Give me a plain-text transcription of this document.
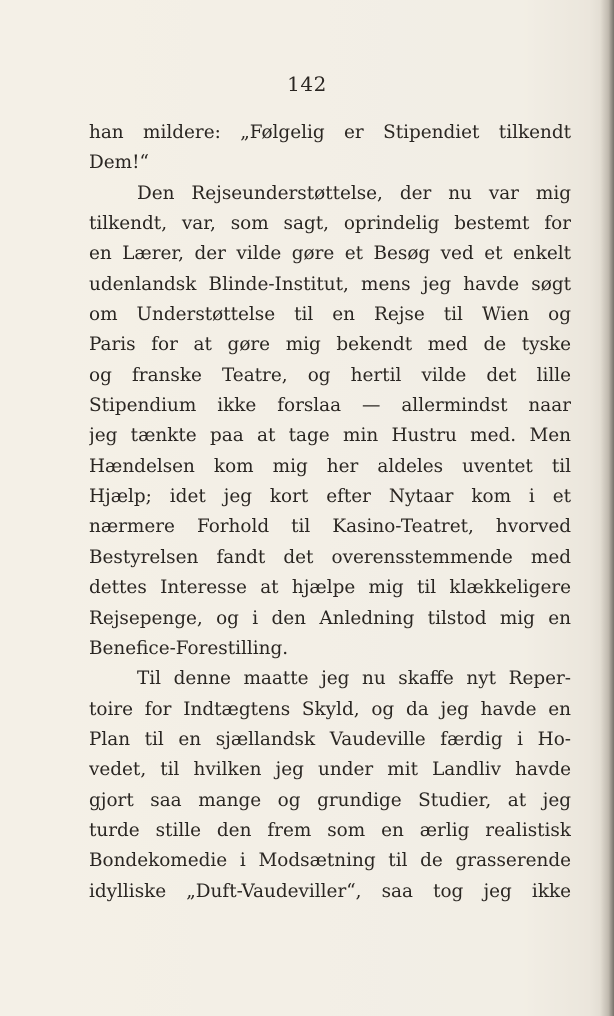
142
han mildere: „Følgelig er Stipendiet tilkendt
Dem!“
Den Rejseunderstøttelse, der nu var mig
tilkendt, var, som sagt, oprindelig bestemt for
en Lærer, der vilde gøre et Besøg ved et enkelt
udenlandsk Blinde-Institut, mens jeg havde søgt
om Understøttelse til en Rejse til Wien og
Paris for at gøre mig bekendt med de tyske
og franske Teatre, og hertil vilde det lille
Stipendium ikke forslaa — allermindst naar
jeg tænkte paa at tage min Hustru med. Men
Hændelsen kom mig her aldeles uventet til
Hjælp; idet jeg kort efter Nytaar kom i et
nærmere Forhold til Kasino-Teatret, hvorved
Bestyrelsen fandt det overensstemmende med
dettes Interesse at hjælpe mig til klækkeligere
Rejsepenge, og i den Anledning tilstod mig en
Benefice-Forestilling.
Til denne maatte jeg nu skaffe nyt Reper-
toire for Indtægtens Skyld, og da jeg havde en
Plan til en sjællandsk Vaudeville færdig i Ho-
vedet, til hvilken jeg under mit Landliv havde
gjort saa mange og grundige Studier, at jeg
turde stille den frem som en ærlig realistisk
Bondekomedie i Modsætning til de grasserende
idylliske „Duft-Vaudeviller“, saa tog jeg ikke
